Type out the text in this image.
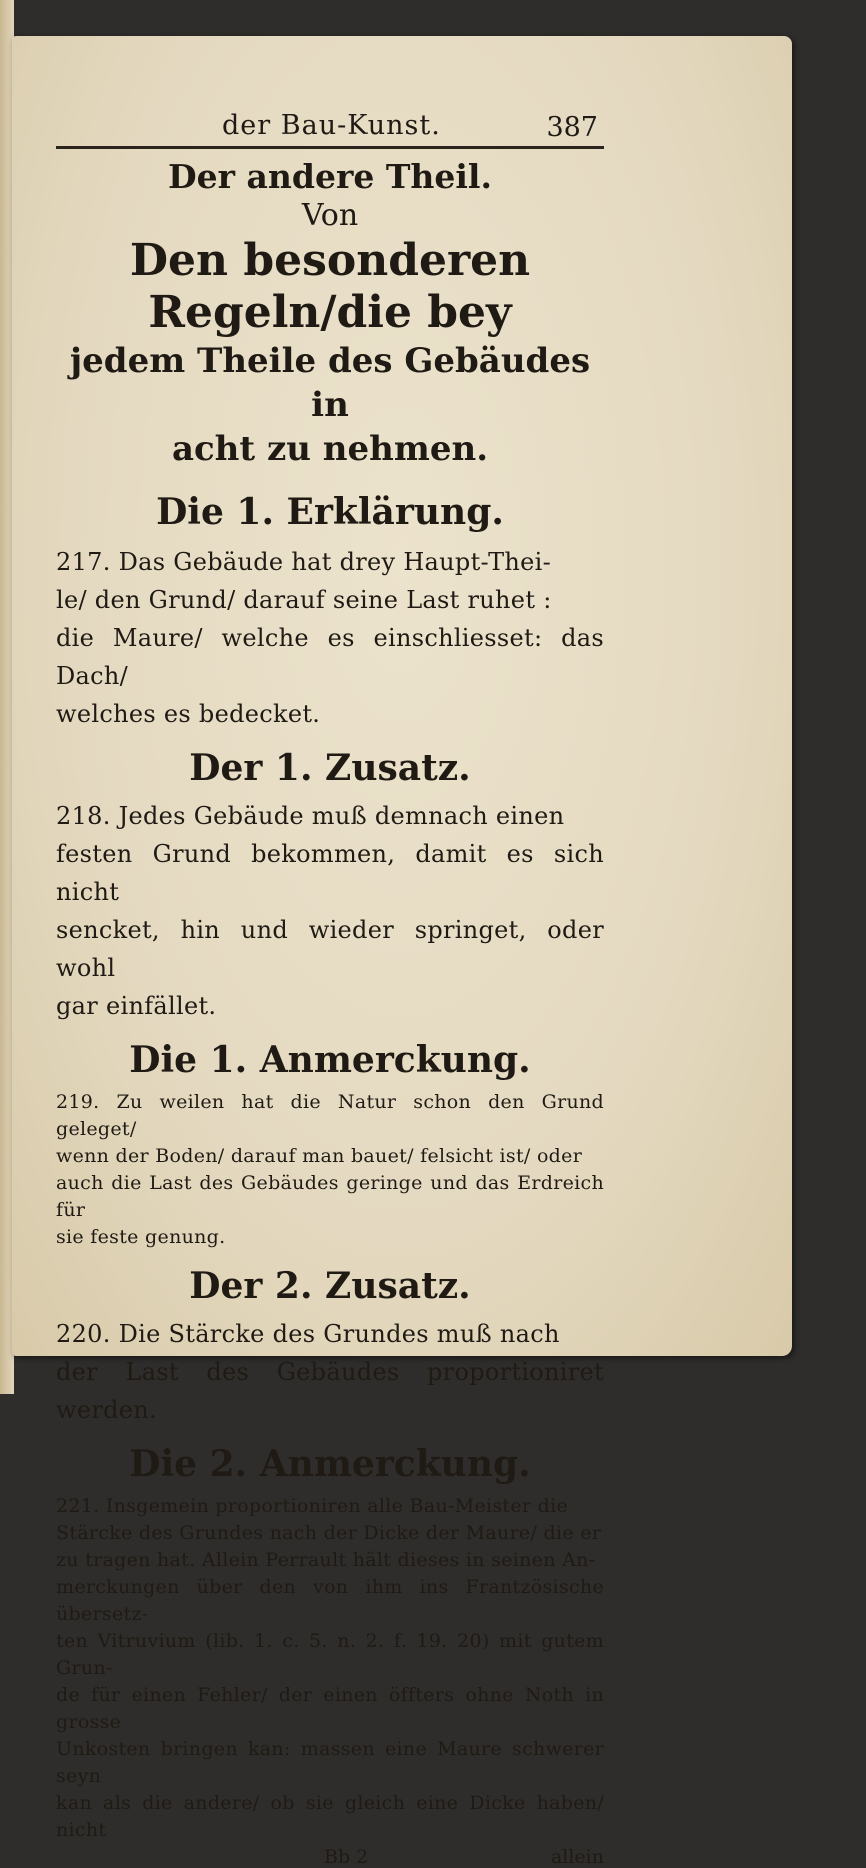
der Bau-Kunst.	387
Der andere Theil.
Von
Den besonderen Regeln/die bey
jedem Theile des Gebäudes in
acht zu nehmen.
Die 1. Erklärung.

217. Das Gebäude hat drey Haupt-Thei-

le/ den Grund/ darauf seine Last ruhet :

die Maure/ welche es einschliesset: das Dach/

welches es bedecket.

Der 1. Zusatz.

218. Jedes Gebäude muß demnach einen

festen Grund bekommen, damit es sich nicht

sencket, hin und wieder springet, oder wohl

gar einfället.

Die 1. Anmerckung.

219. Zu weilen hat die Natur schon den Grund geleget/

wenn der Boden/ darauf man bauet/ felsicht ist/ oder

auch die Last des Gebäudes geringe und das Erdreich für

sie feste genung.

Der 2. Zusatz.

220. Die Stärcke des Grundes muß nach

der Last des Gebäudes proportioniret werden.

Die 2. Anmerckung.

221. Insgemein proportioniren alle Bau-Meister die

Stärcke des Grundes nach der Dicke der Maure/ die er

zu tragen hat. Allein Perrault hält dieses in seinen An-

merckungen über den von ihm ins Frantzösische übersetz-

ten Vitruvium (lib. 1. c. 5. n. 2. f. 19. 20) mit gutem Grun-

de für einen Fehler/ der einen öffters ohne Noth in grosse

Unkosten bringen kan: massen eine Maure schwerer seyn

kan als die andere/ ob sie gleich eine Dicke haben/ nicht

Bb 2	allein
